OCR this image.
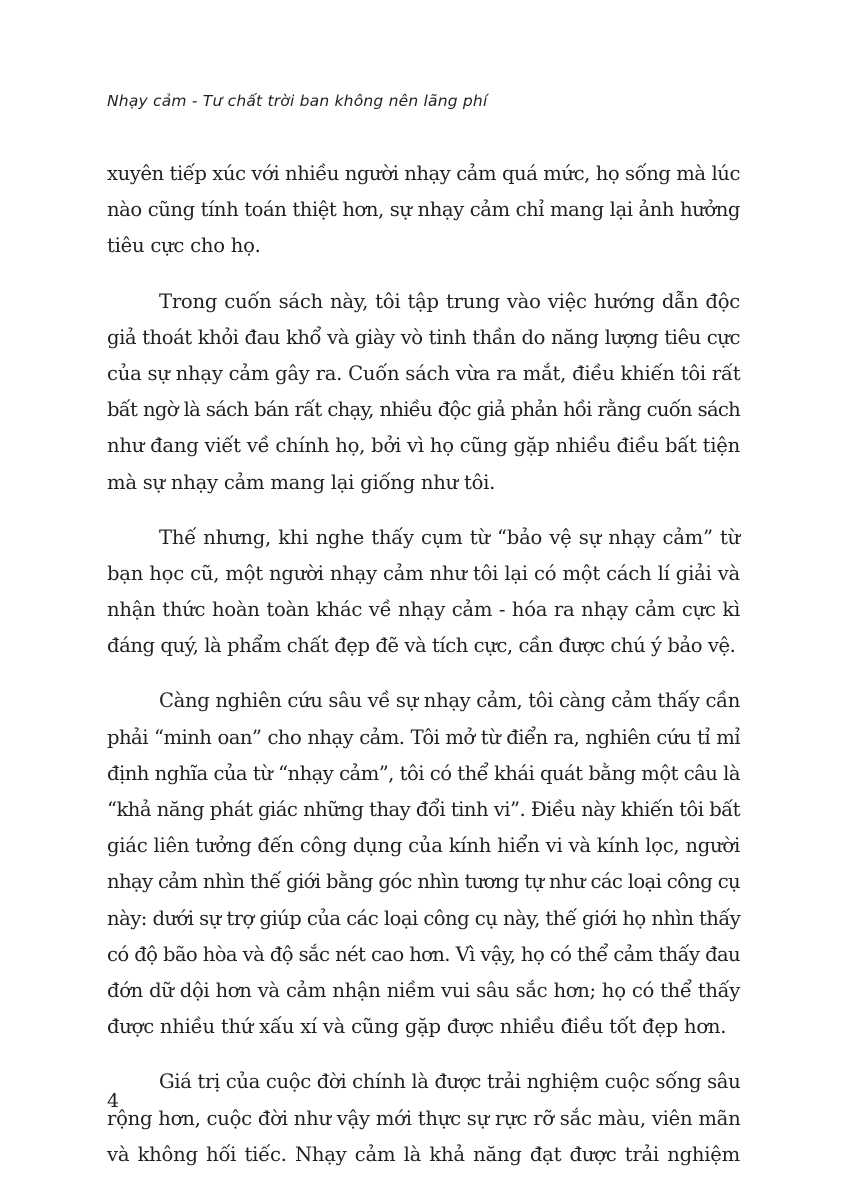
Nhạy cảm - Tư chất trời ban không nên lãng phí
xuyên tiếp xúc với nhiều người nhạy cảm quá mức, họ sống mà lúc
nào cũng tính toán thiệt hơn, sự nhạy cảm chỉ mang lại ảnh hưởng
tiêu cực cho họ.
Trong cuốn sách này, tôi tập trung vào việc hướng dẫn độc
giả thoát khỏi đau khổ và giày vò tinh thần do năng lượng tiêu cực
của sự nhạy cảm gây ra. Cuốn sách vừa ra mắt, điều khiến tôi rất
bất ngờ là sách bán rất chạy, nhiều độc giả phản hồi rằng cuốn sách
như đang viết về chính họ, bởi vì họ cũng gặp nhiều điều bất tiện
mà sự nhạy cảm mang lại giống như tôi.
Thế nhưng, khi nghe thấy cụm từ “bảo vệ sự nhạy cảm” từ
bạn học cũ, một người nhạy cảm như tôi lại có một cách lí giải và
nhận thức hoàn toàn khác về nhạy cảm - hóa ra nhạy cảm cực kì
đáng quý, là phẩm chất đẹp đẽ và tích cực, cần được chú ý bảo vệ.
Càng nghiên cứu sâu về sự nhạy cảm, tôi càng cảm thấy cần
phải “minh oan” cho nhạy cảm. Tôi mở từ điển ra, nghiên cứu tỉ mỉ
định nghĩa của từ “nhạy cảm”, tôi có thể khái quát bằng một câu là
“khả năng phát giác những thay đổi tinh vi”. Điều này khiến tôi bất
giác liên tưởng đến công dụng của kính hiển vi và kính lọc, người
nhạy cảm nhìn thế giới bằng góc nhìn tương tự như các loại công cụ
này: dưới sự trợ giúp của các loại công cụ này, thế giới họ nhìn thấy
có độ bão hòa và độ sắc nét cao hơn. Vì vậy, họ có thể cảm thấy đau
đớn dữ dội hơn và cảm nhận niềm vui sâu sắc hơn; họ có thể thấy
được nhiều thứ xấu xí và cũng gặp được nhiều điều tốt đẹp hơn.
Giá trị của cuộc đời chính là được trải nghiệm cuộc sống sâu
rộng hơn, cuộc đời như vậy mới thực sự rực rỡ sắc màu, viên mãn
và không hối tiếc. Nhạy cảm là khả năng đạt được trải nghiệm
4
